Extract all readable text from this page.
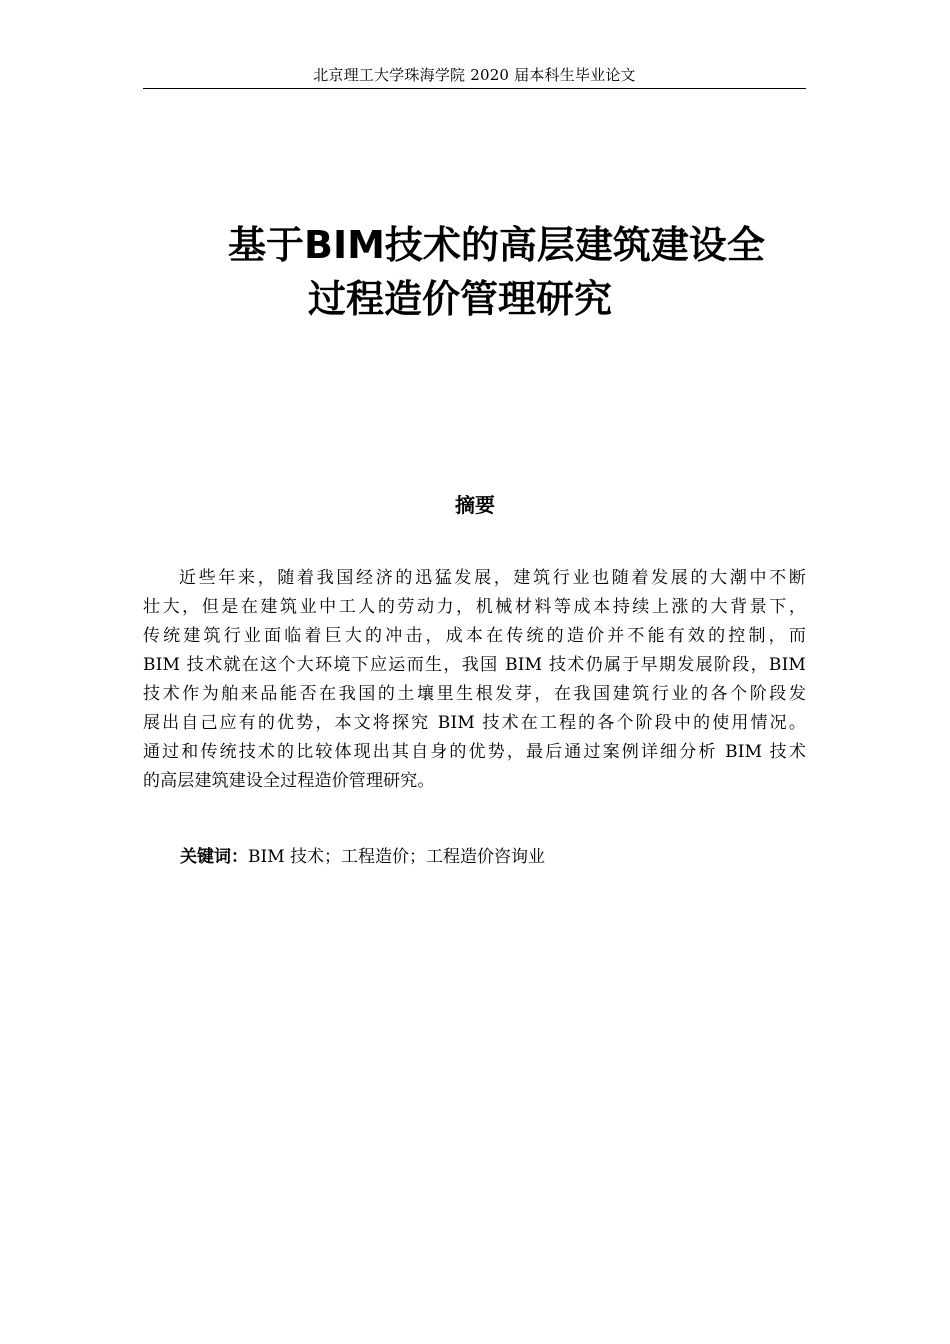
北京理工大学珠海学院 2020 届本科生毕业论文
基于BIM技术的高层建筑建设全
过程造价管理研究
摘要
近些年来，随着我国经济的迅猛发展，建筑行业也随着发展的大潮中不断
壮大，但是在建筑业中工人的劳动力，机械材料等成本持续上涨的大背景下，
传统建筑行业面临着巨大的冲击，成本在传统的造价并不能有效的控制，而
BIM 技术就在这个大环境下应运而生，我国 BIM 技术仍属于早期发展阶段，BIM
技术作为舶来品能否在我国的土壤里生根发芽，在我国建筑行业的各个阶段发
展出自己应有的优势，本文将探究 BIM 技术在工程的各个阶段中的使用情况。
通过和传统技术的比较体现出其自身的优势，最后通过案例详细分析 BIM 技术
的高层建筑建设全过程造价管理研究。
关键词：BIM 技术；工程造价；工程造价咨询业
